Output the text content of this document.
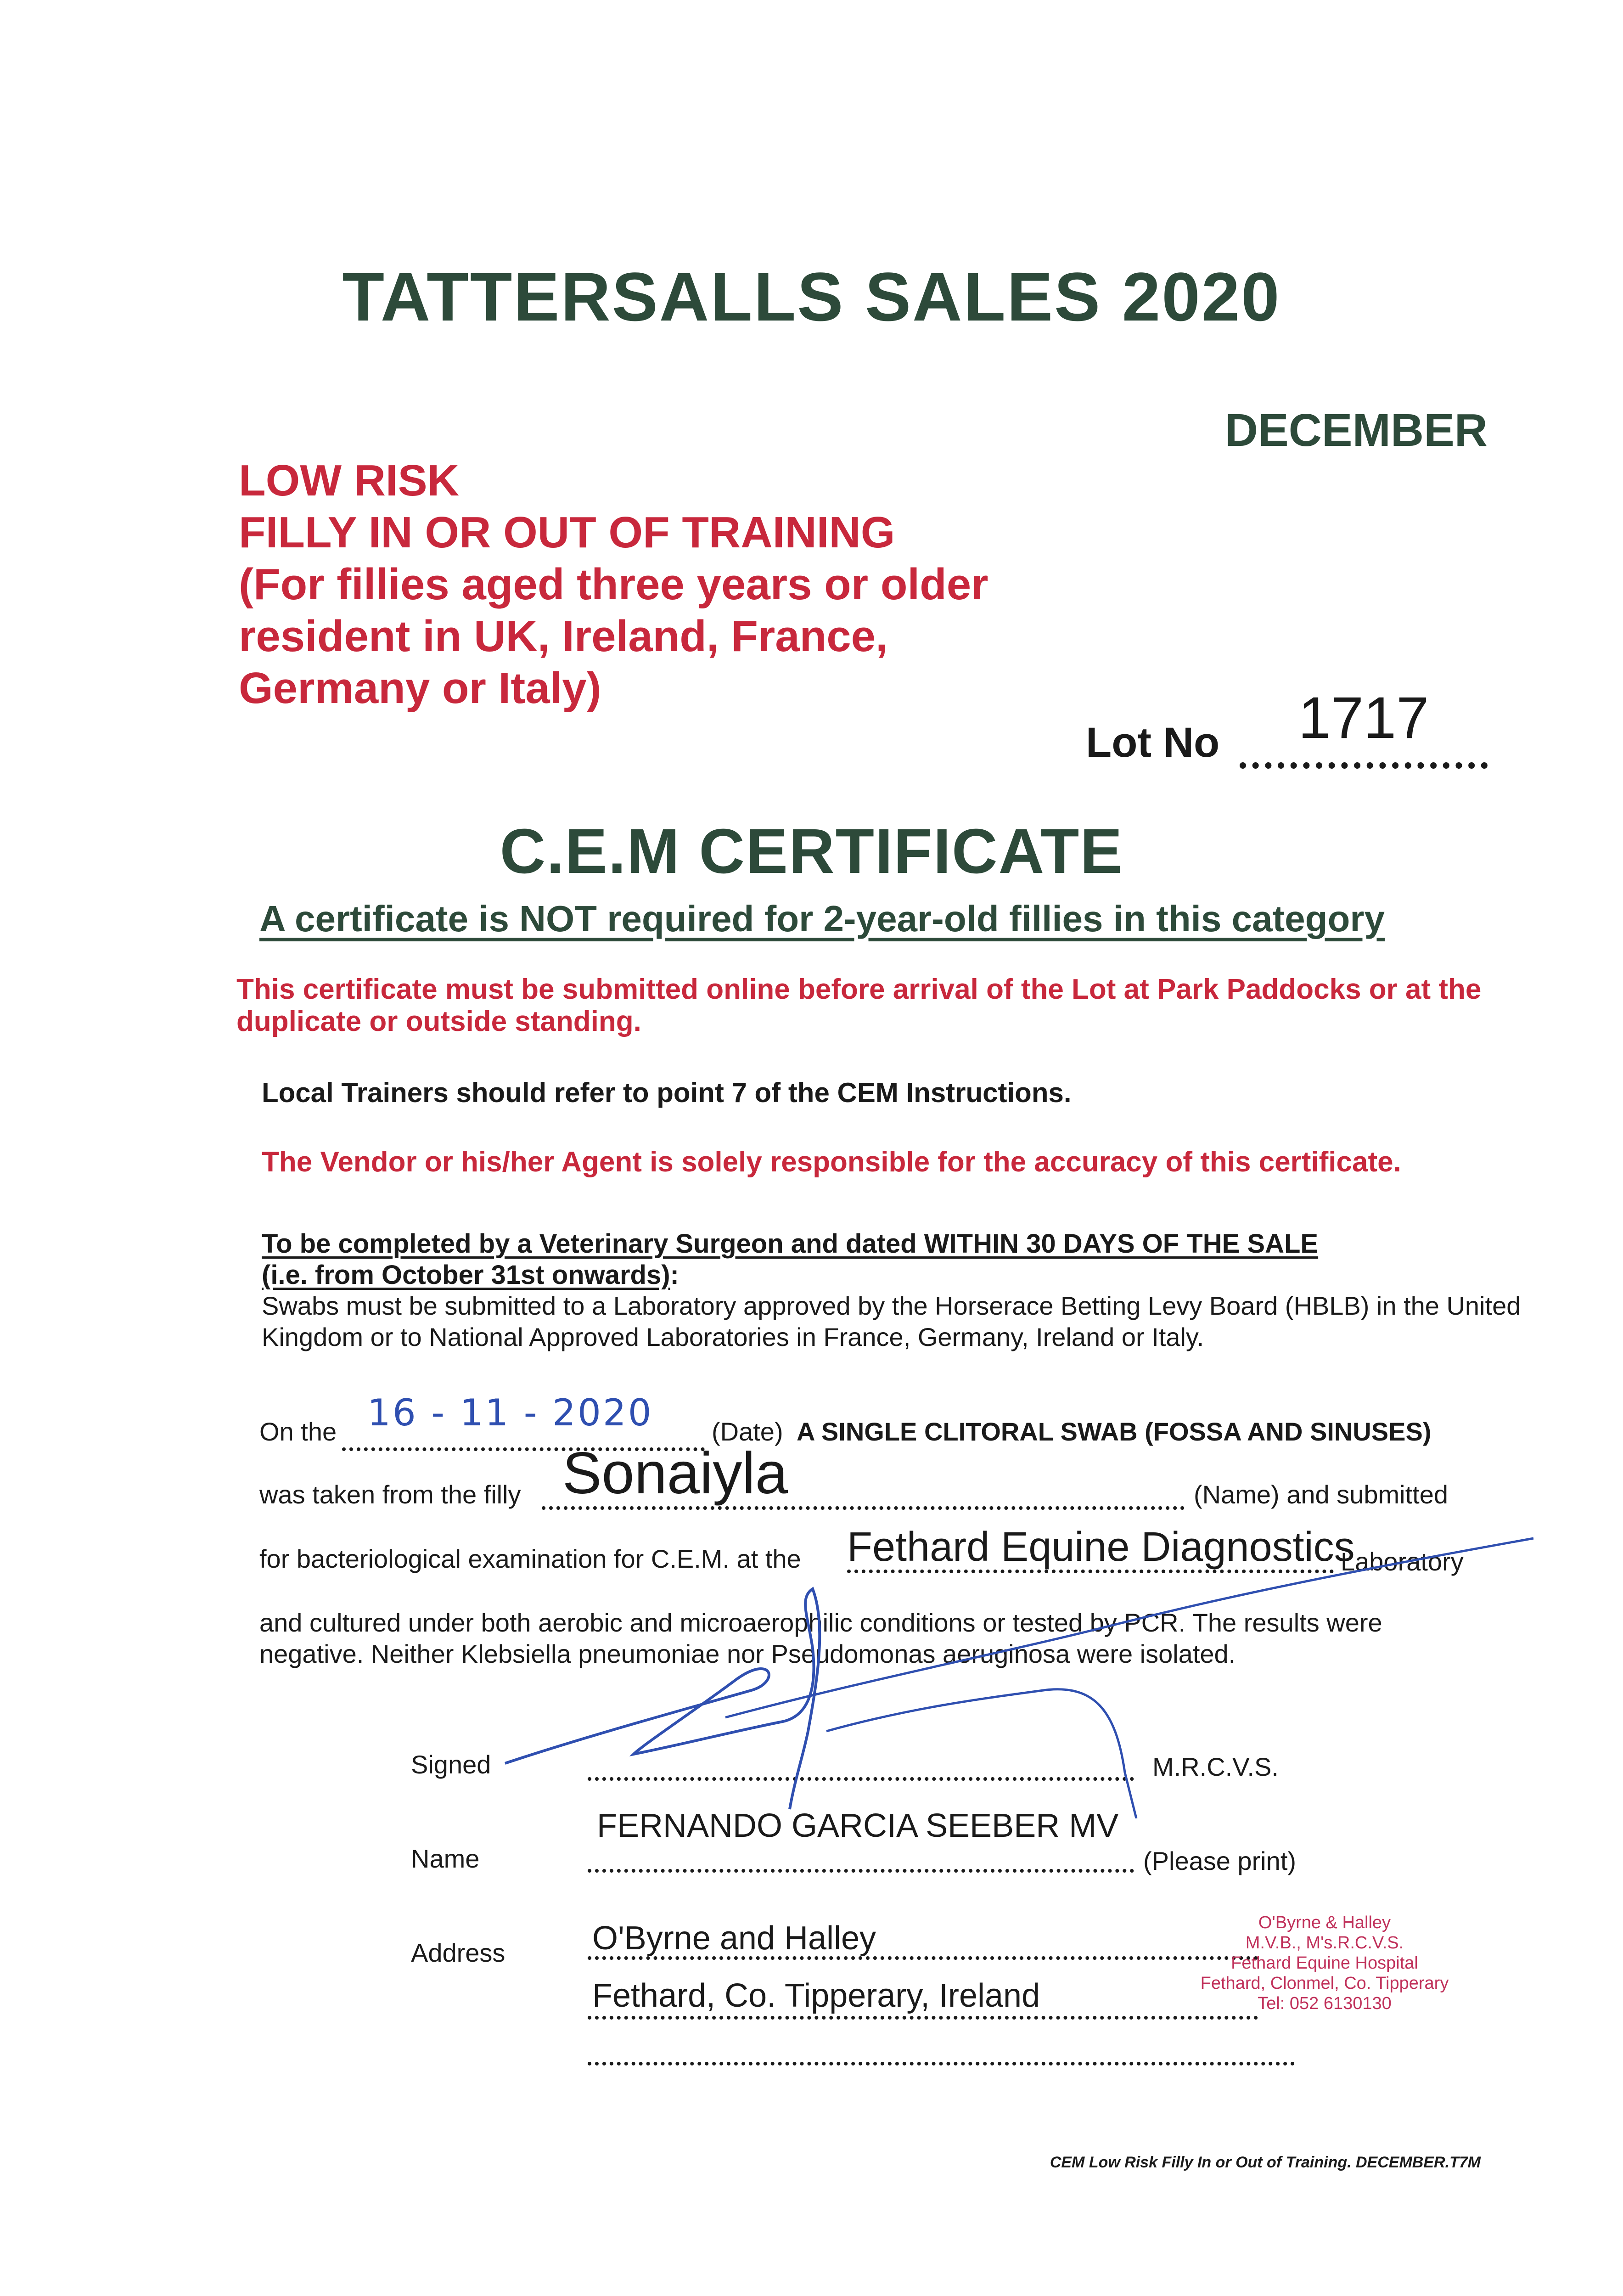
TATTERSALLS SALES 2020
DECEMBER
LOW RISK
FILLY IN OR OUT OF TRAINING
(For fillies aged three years or older
resident in UK, Ireland, France,
Germany or Italy)
Lot No	1717
C.E.M CERTIFICATE
A certificate is NOT required for 2-year-old fillies in this category
This certificate must be submitted online before arrival of the Lot at Park Paddocks or at the duplicate or outside standing.
Local Trainers should refer to point 7 of the CEM Instructions.
The Vendor or his/her Agent is solely responsible for the accuracy of this certificate.
To be completed by a Veterinary Surgeon and dated WITHIN 30 DAYS OF THE SALE
(i.e. from October 31st onwards):
Swabs must be submitted to a Laboratory approved by the Horserace Betting Levy Board (HBLB) in the United Kingdom or to National Approved Laboratories in France, Germany, Ireland or Italy.
On the 16 - 11 - 2020 (Date) A SINGLE CLITORAL SWAB (FOSSA AND SINUSES)
was taken from the filly Sonaiyla	(Name) and submitted
for bacteriological examination for C.E.M. at the Fethard Equine Diagnostics
Laboratory
and cultured under both aerobic and microaerophilic conditions or tested by PCR. The results were
negative. Neither Klebsiella pneumoniae nor Pseudomonas aeruginosa were isolated.
Signed	M.R.C.V.S.
FERNANDO GARCIA SEEBER MV
Name	(Please print)
Address	O'Byrne and Halley
Fethard, Co. Tipperary, Ireland
O'Byrne & Halley
M.V.B., M's.R.C.V.S.
Fethard Equine Hospital
Fethard, Clonmel, Co. Tipperary
Tel: 052 6130130
CEM Low Risk Filly In or Out of Training. DECEMBER.T7M
